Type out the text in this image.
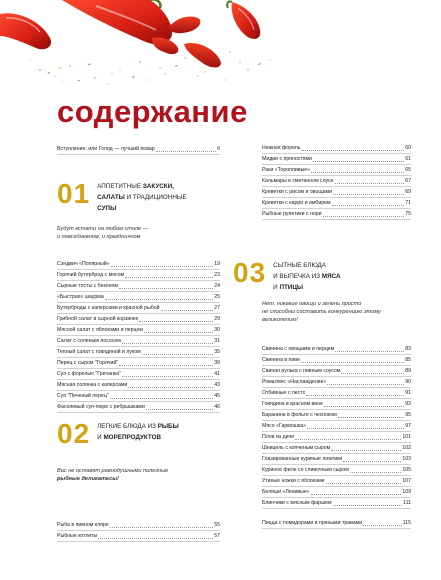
содержание
Вступление, или Голод — лучший повар	6
01 АППЕТИТНЫЕ ЗАКУСКИ,
САЛАТЫ И ТРАДИЦИОННЫЕ
СУПЫ
Будут кстати на любом столе —
и повседневном, и праздничном
Сэндвич «Полярный»	19
Горячий бутерброд с мясом	23
Сырные тосты с беконом	24
«Быстрая» шаурма	25
Бутерброды с каперсами и красной рыбой	27
Грибной салат в сырной корзинке	29
Мясной салат с яблоками и перцем	30
Салат с соленым лососем	31
Теплый салат с говядиной и луком	35
Перец с сыром "Горячий"	39
Суп с форелью "Гречанка"	41
Мясная солянка с каперсами	43
Суп "Печеный перец"	45
Фасолевый суп-пюре с ребрышками	46
02 ЛЕГКИЕ БЛЮДА ИЗ РЫБЫ
И МОРЕПРОДУКТОВ
Вас не оставят равнодушными полезные
рыбные деликатесы!
Рыба в пивном кляре	55
Рыбные котлеты	57
Нежная форель	60
Мидии с пряностями	61
Раки «Торопливые»	65
Кальмары в сметанном соусе	67
Креветки с рисом и овощами	69
Креветки с карри и имбирем	71
Рыбные рулетики с нори	75
03 СЫТНЫЕ БЛЮДА
И ВЫПЕЧКА ИЗ МЯСА
И ПТИЦЫ
Нет, никакие овощи и зелень просто
не способны составить конкуренцию этому
великолепию!
Свинина с овощами и перцем	83
Свинина в пиве	85
Свиная рулька с пивным соусом	89
Ромштекс «Наслаждение»	90
Отбивные с песто	91
Говядина в красном вине	93
Баранина в фольге с чесноком	95
Мясо «Гармошка»	97
Плов из дичи	101
Шницель с копченым сыром	102
Глазированные куриные ломтики	103
Куриное филе со сливочным сыром	105
Утиные ножки с яблоками	107
Беляши «Ленивые»	109
Блинчики с мясным фаршем	111
Пицца с помидорами и пряными травами	115
